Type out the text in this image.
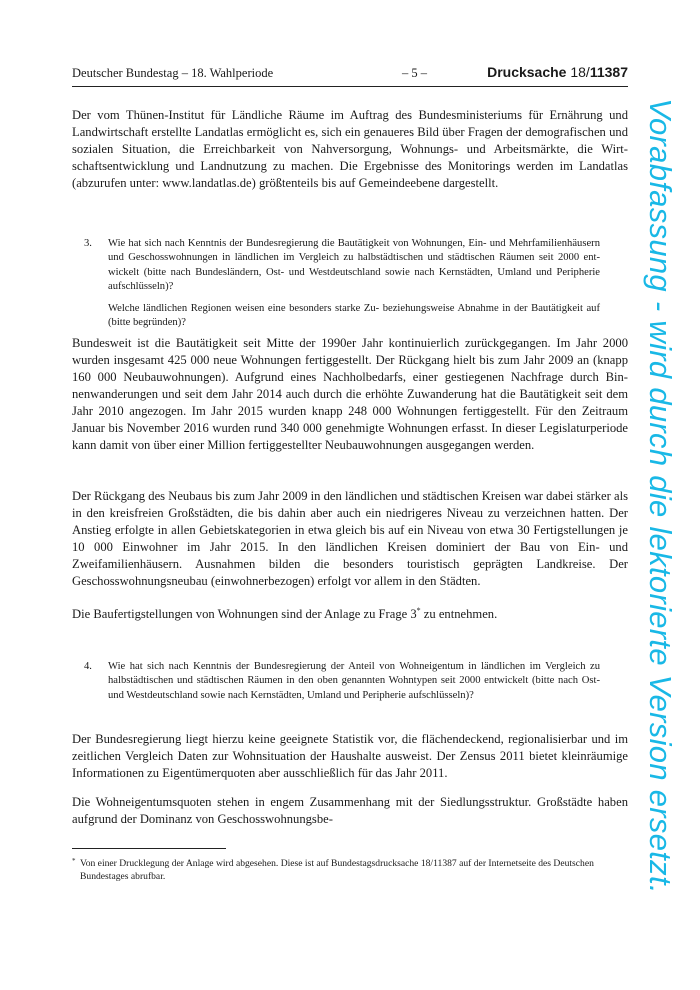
Deutscher Bundestag – 18. Wahlperiode	– 5 –	Drucksache 18/11387

Der vom Thünen-Institut für Ländliche Räume im Auftrag des Bundesministeriums für Ernährung und Landwirtschaft erstellte Landatlas ermöglicht es, sich ein genaueres Bild über Fragen der demografischen und sozialen Situation, die Erreichbarkeit von Nahversorgung, Wohnungs- und Arbeitsmärkte, die Wirtschaftsentwicklung und Landnutzung zu machen. Die Ergebnisse des Monitorings werden im Landatlas (abzurufen unter: www.landatlas.de) größtenteils bis auf Gemeindeebene dargestellt.

3. Wie hat sich nach Kenntnis der Bundesregierung die Bautätigkeit von Wohnungen, Ein- und Mehrfamilienhäusern und Geschosswohnungen in ländlichen im Vergleich zu halbstädtischen und städtischen Räumen seit 2000 entwickelt (bitte nach Bundesländern, Ost- und Westdeutschland sowie nach Kernstädten, Umland und Peripherie aufschlüsseln)?

Welche ländlichen Regionen weisen eine besonders starke Zu- beziehungsweise Abnahme in der Bautätigkeit auf (bitte begründen)?

Bundesweit ist die Bautätigkeit seit Mitte der 1990er Jahr kontinuierlich zurückgegangen. Im Jahr 2000 wurden insgesamt 425 000 neue Wohnungen fertiggestellt. Der Rückgang hielt bis zum Jahr 2009 an (knapp 160 000 Neubauwohnungen). Aufgrund eines Nachholbedarfs, einer gestiegenen Nachfrage durch Binnenwanderungen und seit dem Jahr 2014 auch durch die erhöhte Zuwanderung hat die Bautätigkeit seit dem Jahr 2010 angezogen. Im Jahr 2015 wurden knapp 248 000 Wohnungen fertiggestellt. Für den Zeitraum Januar bis November 2016 wurden rund 340 000 genehmigte Wohnungen erfasst. In dieser Legislaturperiode kann damit von über einer Million fertiggestellter Neubauwohnungen ausgegangen werden.

Der Rückgang des Neubaus bis zum Jahr 2009 in den ländlichen und städtischen Kreisen war dabei stärker als in den kreisfreien Großstädten, die bis dahin aber auch ein niedrigeres Niveau zu verzeichnen hatten. Der Anstieg erfolgte in allen Gebietskategorien in etwa gleich bis auf ein Niveau von etwa 30 Fertigstellungen je 10 000 Einwohner im Jahr 2015. In den ländlichen Kreisen dominiert der Bau von Ein- und Zweifamilienhäusern. Ausnahmen bilden die besonders touristisch geprägten Landkreise. Der Geschosswohnungsneubau (einwohnerbezogen) erfolgt vor allem in den Städten.

Die Baufertigstellungen von Wohnungen sind der Anlage zu Frage 3* zu entnehmen.

4. Wie hat sich nach Kenntnis der Bundesregierung der Anteil von Wohneigentum in ländlichen im Vergleich zu halbstädtischen und städtischen Räumen in den oben genannten Wohntypen seit 2000 entwickelt (bitte nach Ost- und Westdeutschland sowie nach Kernstädten, Umland und Peripherie aufschlüsseln)?

Der Bundesregierung liegt hierzu keine geeignete Statistik vor, die flächendeckend, regionalisierbar und im zeitlichen Vergleich Daten zur Wohnsituation der Haushalte ausweist. Der Zensus 2011 bietet kleinräumige Informationen zu Eigentümerquoten aber ausschließlich für das Jahr 2011.

Die Wohneigentumsquoten stehen in engem Zusammenhang mit der Siedlungsstruktur. Großstädte haben aufgrund der Dominanz von Geschosswohnungsbe-

* Von einer Drucklegung der Anlage wird abgesehen. Diese ist auf Bundestagsdrucksache 18/11387 auf der Internetseite des Deutschen Bundestages abrufbar.	Vorabfassung - wird durch die lektorierte Version ersetzt.
